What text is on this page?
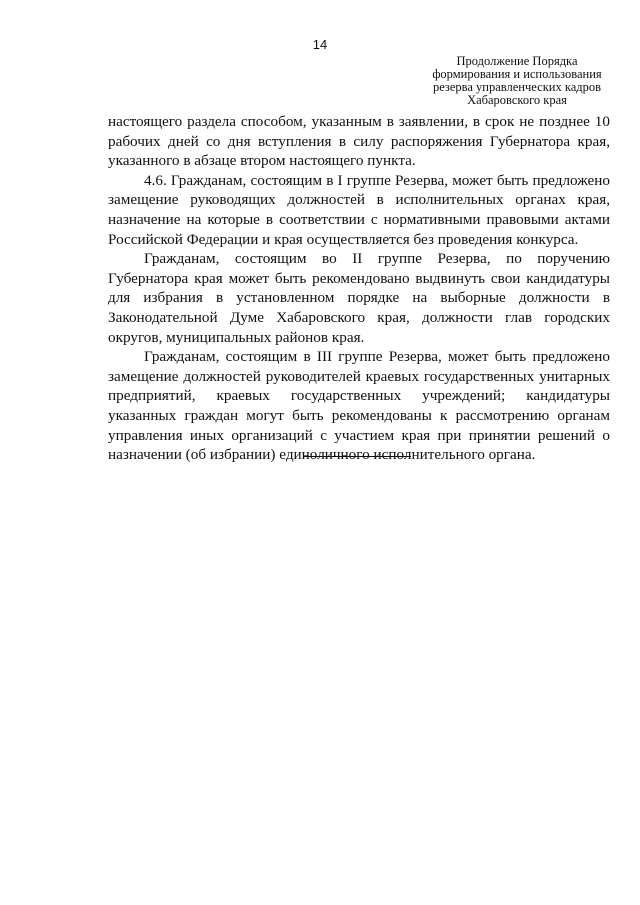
14
Продолжение Порядка
формирования и использования
резерва управленческих кадров
Хабаровского края

настоящего раздела способом, указанным в заявлении, в срок не позднее 10 рабочих дней со дня вступления в силу распоряжения Губернатора края, указанного в абзаце втором настоящего пункта.

4.6. Гражданам, состоящим в I группе Резерва, может быть предложено замещение руководящих должностей в исполнительных органах края, назначение на которые в соответствии с нормативными правовыми актами Российской Федерации и края осуществляется без проведения конкурса.

Гражданам, состоящим во II группе Резерва, по поручению Губернатора края может быть рекомендовано выдвинуть свои кандидатуры для избрания в установленном порядке на выборные должности в Законодательной Думе Хабаровского края, должности глав городских округов, муниципальных районов края.

Гражданам, состоящим в III группе Резерва, может быть предложено замещение должностей руководителей краевых государственных унитарных предприятий, краевых государственных учреждений; кандидатуры указанных граждан могут быть рекомендованы к рассмотрению органам управления иных организаций с участием края при принятии решений о назначении (об избрании) единоличного исполнительного органа.
